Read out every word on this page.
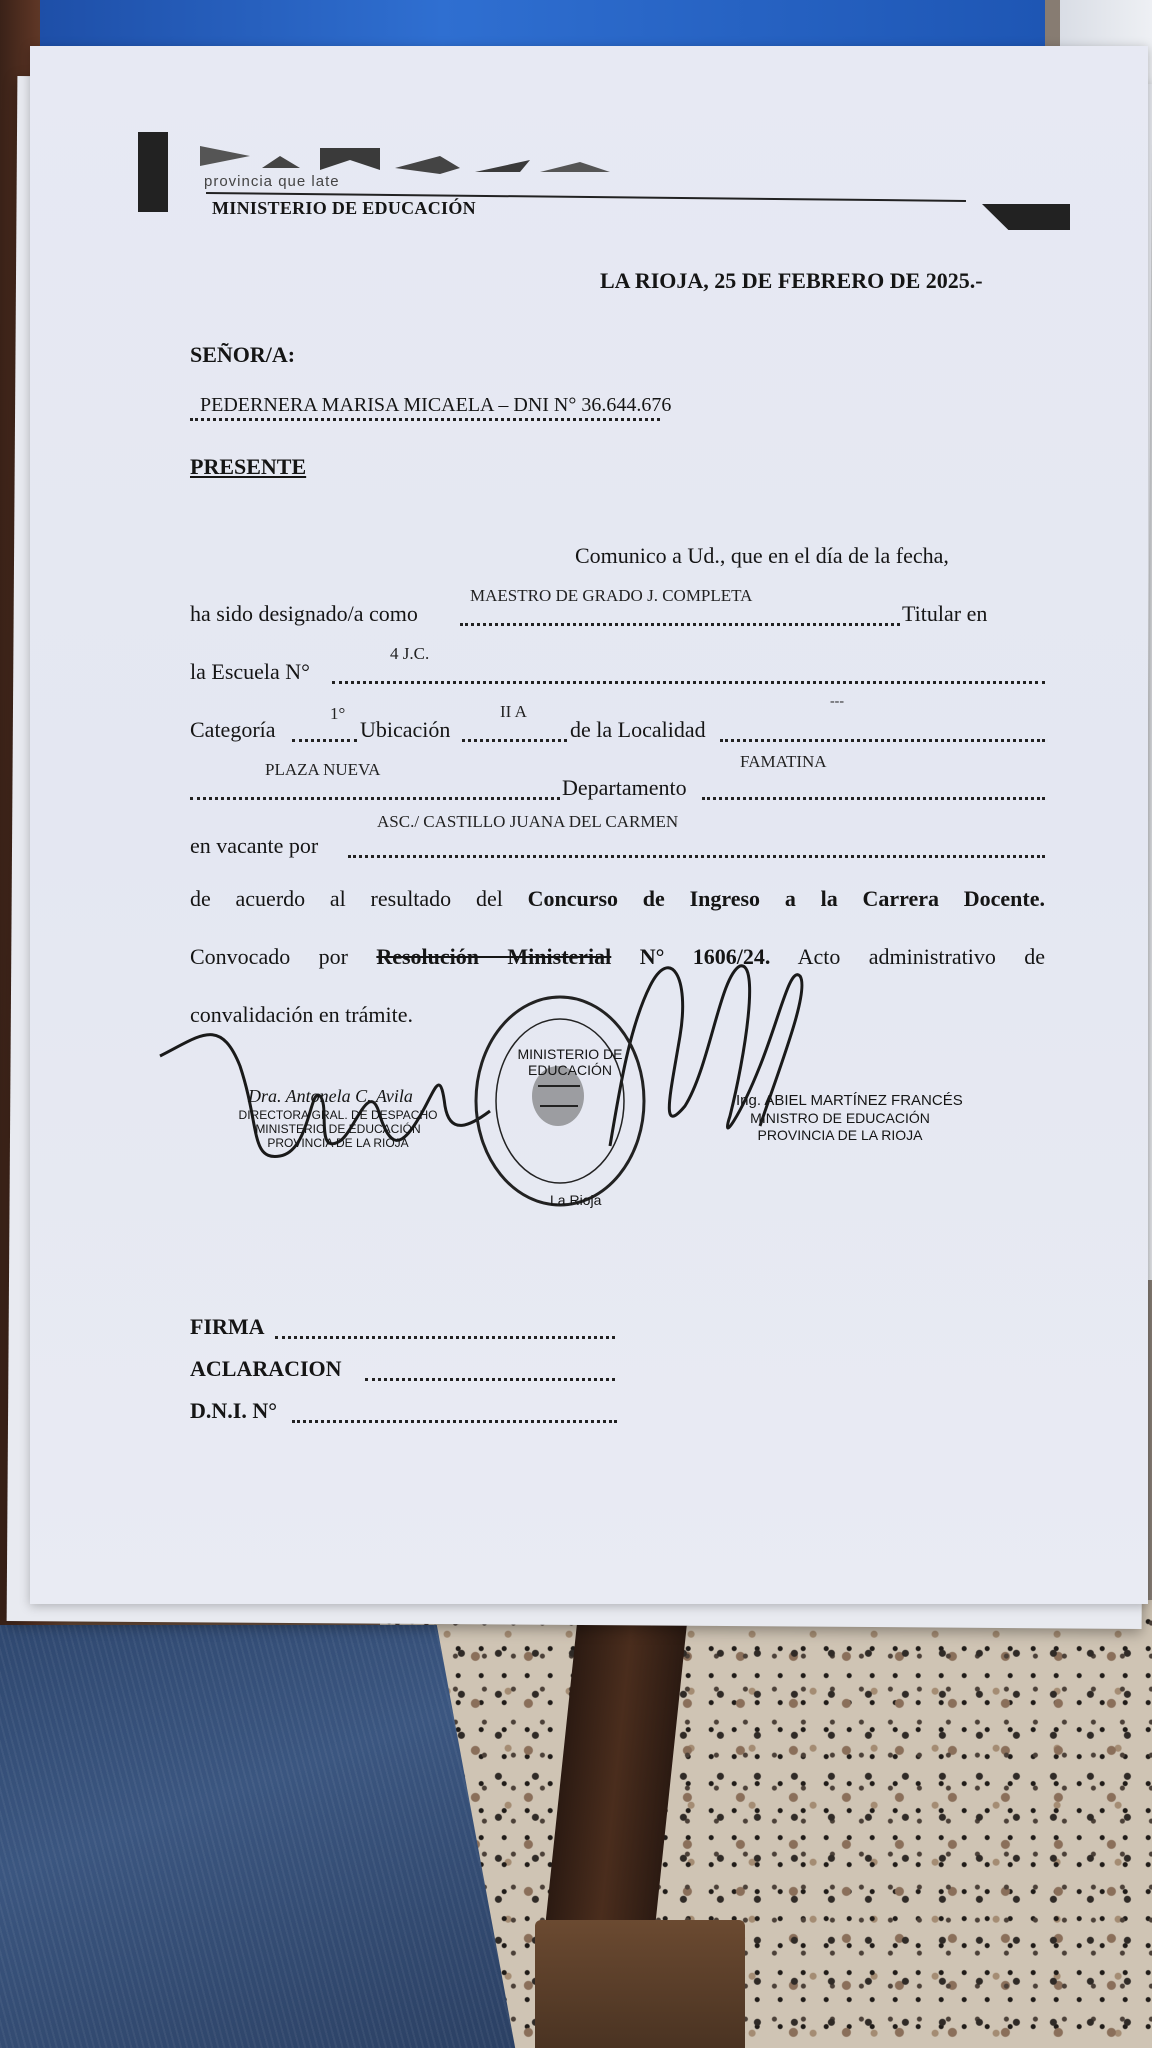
provincia que late
MINISTERIO DE EDUCACIÓN
LA RIOJA, 25 DE FEBRERO DE 2025.-
SEÑOR/A:
PEDERNERA MARISA MICAELA – DNI N° 36.644.676
PRESENTE
Comunico a Ud., que en el día de la fecha,
ha sido designado/a como
MAESTRO DE GRADO J. COMPLETA
Titular en
la Escuela N°
4 J.C.
Categoría
1°
Ubicación
II A
de la Localidad
---
PLAZA NUEVA
Departamento
FAMATINA
en vacante por
ASC./ CASTILLO JUANA DEL CARMEN
de acuerdo al resultado del Concurso de Ingreso a la Carrera Docente.
Convocado por Resolución Ministerial N° 1606/24. Acto administrativo de
convalidación en trámite.
MINISTERIO DE EDUCACIÓN
La Rioja
Dra. Antonela C. Avila
DIRECTORA GRAL. DE DESPACHO
MINISTERIO DE EDUCACIÓN
PROVINCIA DE LA RIOJA
Ing. ABIEL MARTÍNEZ FRANCÉS
MINISTRO DE EDUCACIÓN
PROVINCIA DE LA RIOJA
FIRMA
ACLARACION
D.N.I. N°
